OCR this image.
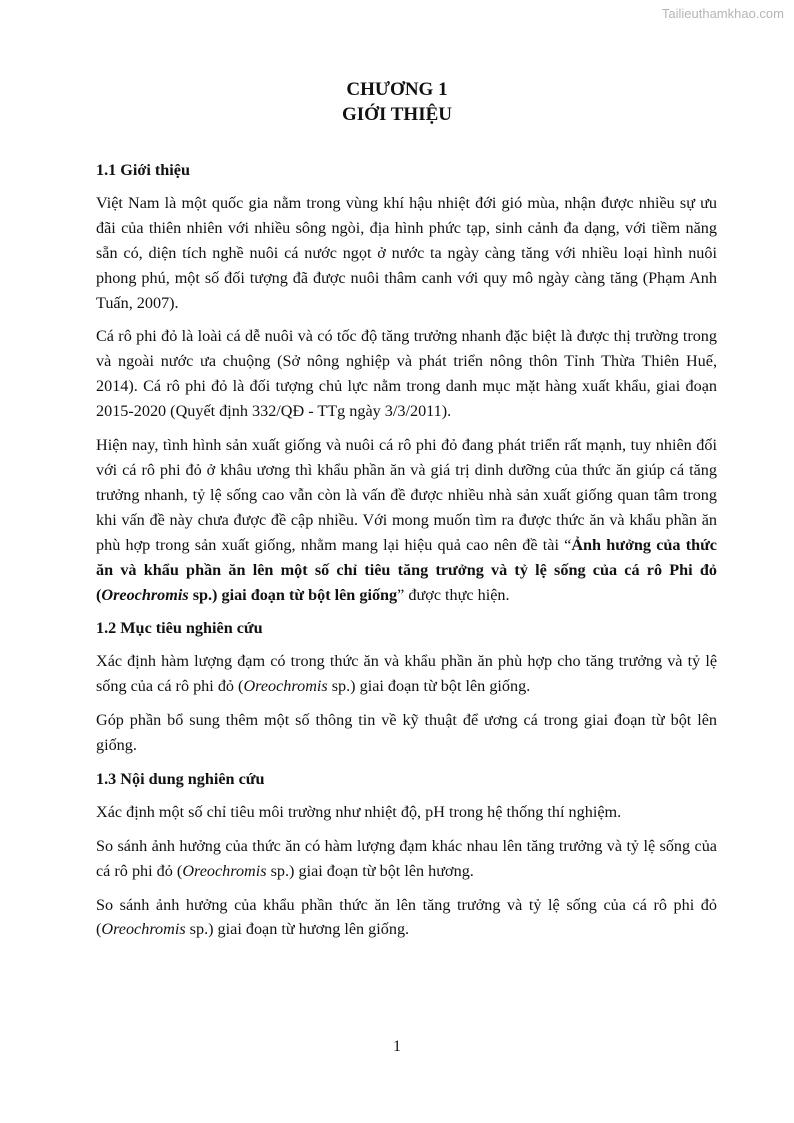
Tailieuthamkhao.com
CHƯƠNG 1
GIỚI THIỆU
1.1 Giới thiệu

Việt Nam là một quốc gia nằm trong vùng khí hậu nhiệt đới gió mùa, nhận được nhiều sự ưu đãi của thiên nhiên với nhiều sông ngòi, địa hình phức tạp, sinh cảnh đa dạng, với tiềm năng sẵn có, diện tích nghề nuôi cá nước ngọt ở nước ta ngày càng tăng với nhiều loại hình nuôi phong phú, một số đối tượng đã được nuôi thâm canh với quy mô ngày càng tăng (Phạm Anh Tuấn, 2007).

Cá rô phi đỏ là loài cá dễ nuôi và có tốc độ tăng trưởng nhanh đặc biệt là được thị trường trong và ngoài nước ưa chuộng (Sở nông nghiệp và phát triển nông thôn Tỉnh Thừa Thiên Huế, 2014). Cá rô phi đỏ là đối tượng chủ lực nằm trong danh mục mặt hàng xuất khẩu, giai đoạn 2015-2020 (Quyết định 332/QĐ - TTg ngày 3/3/2011).

Hiện nay, tình hình sản xuất giống và nuôi cá rô phi đỏ đang phát triển rất mạnh, tuy nhiên đối với cá rô phi đỏ ở khâu ương thì khẩu phần ăn và giá trị dinh dưỡng của thức ăn giúp cá tăng trưởng nhanh, tỷ lệ sống cao vẫn còn là vấn đề được nhiều nhà sản xuất giống quan tâm trong khi vấn đề này chưa được đề cập nhiều. Với mong muốn tìm ra được thức ăn và khẩu phần ăn phù hợp trong sản xuất giống, nhằm mang lại hiệu quả cao nên đề tài “Ảnh hưởng của thức ăn và khẩu phần ăn lên một số chỉ tiêu tăng trưởng và tỷ lệ sống của cá rô Phi đỏ (Oreochromis sp.) giai đoạn từ bột lên giống” được thực hiện.

1.2 Mục tiêu nghiên cứu

Xác định hàm lượng đạm có trong thức ăn và khẩu phần ăn phù hợp cho tăng trưởng và tỷ lệ sống của cá rô phi đỏ (Oreochromis sp.) giai đoạn từ bột lên giống.

Góp phần bổ sung thêm một số thông tin về kỹ thuật để ương cá trong giai đoạn từ bột lên giống.

1.3 Nội dung nghiên cứu

Xác định một số chỉ tiêu môi trường như nhiệt độ, pH trong hệ thống thí nghiệm.

So sánh ảnh hưởng của thức ăn có hàm lượng đạm khác nhau lên tăng trưởng và tỷ lệ sống của cá rô phi đỏ (Oreochromis sp.) giai đoạn từ bột lên hương.

So sánh ảnh hưởng của khẩu phần thức ăn lên tăng trưởng và tỷ lệ sống của cá rô phi đỏ (Oreochromis sp.) giai đoạn từ hương lên giống.

1
